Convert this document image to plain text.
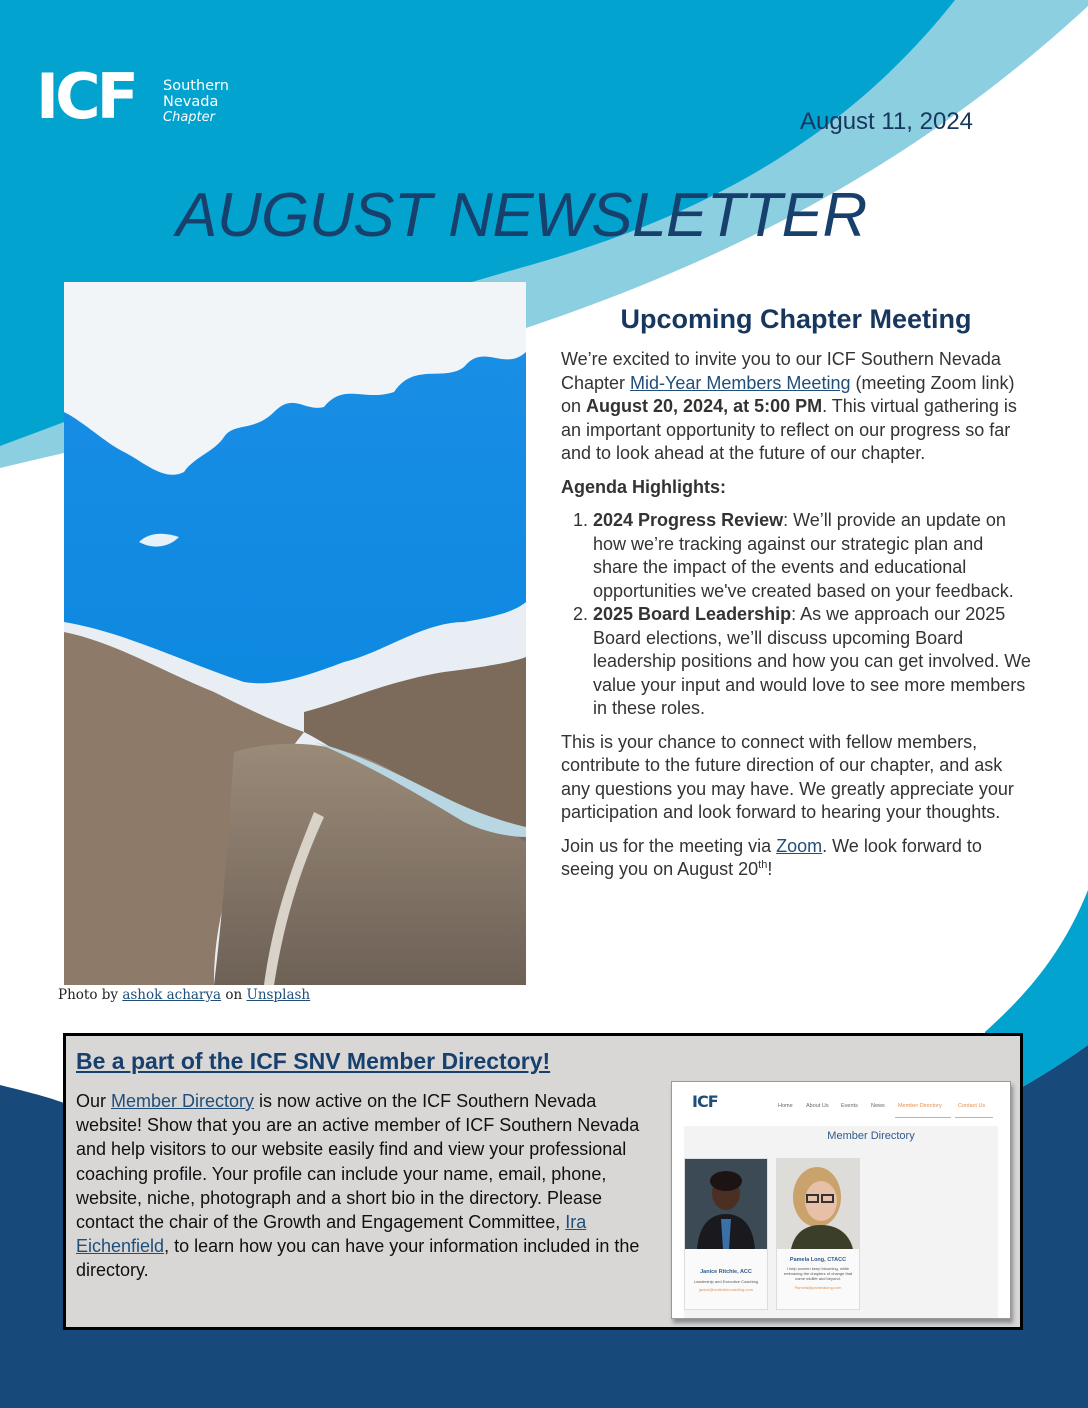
ICF Southern
Nevada
Chapter	August 11, 2024
AUGUST NEWSLETTER
Photo by ashok acharya on Unsplash
Upcoming Chapter Meeting

We’re excited to invite you to our ICF Southern Nevada Chapter Mid-Year Members Meeting (meeting Zoom link) on August 20, 2024, at 5:00 PM. This virtual gathering is an important opportunity to reflect on our progress so far and to look ahead at the future of our chapter.

Agenda Highlights:

1. 2024 Progress Review: We’ll provide an update on how we’re tracking against our strategic plan and share the impact of the events and educational opportunities we've created based on your feedback.
2. 2025 Board Leadership: As we approach our 2025 Board elections, we’ll discuss upcoming Board leadership positions and how you can get involved. We value your input and would love to see more members in these roles.

This is your chance to connect with fellow members, contribute to the future direction of our chapter, and ask any questions you may have. We greatly appreciate your participation and look forward to hearing your thoughts.

Join us for the meeting via Zoom. We look forward to seeing you on August 20th!

Be a part of the ICF SNV Member Directory!
Our Member Directory is now active on the ICF Southern Nevada website! Show that you are an active member of ICF Southern Nevada and help visitors to our website easily find and view your professional coaching profile. Your profile can include your name, email, phone, website, niche, photograph and a short bio in the directory. Please contact the chair of the Growth and Engagement Committee, Ira Eichenfield, to learn how you can have your information included in the directory.
ICF	Home About Us Events News Member Directory	Contact Us
Member Directory
Janice Ritchie, ACC
Leadership and Executive Coaching
janice@coritchiecoaching.com
Pamela Long, CTACC
I help women keep blooming, while embracing the chapters of change that come midlife and beyond.
Pamela@pamelalong.com
